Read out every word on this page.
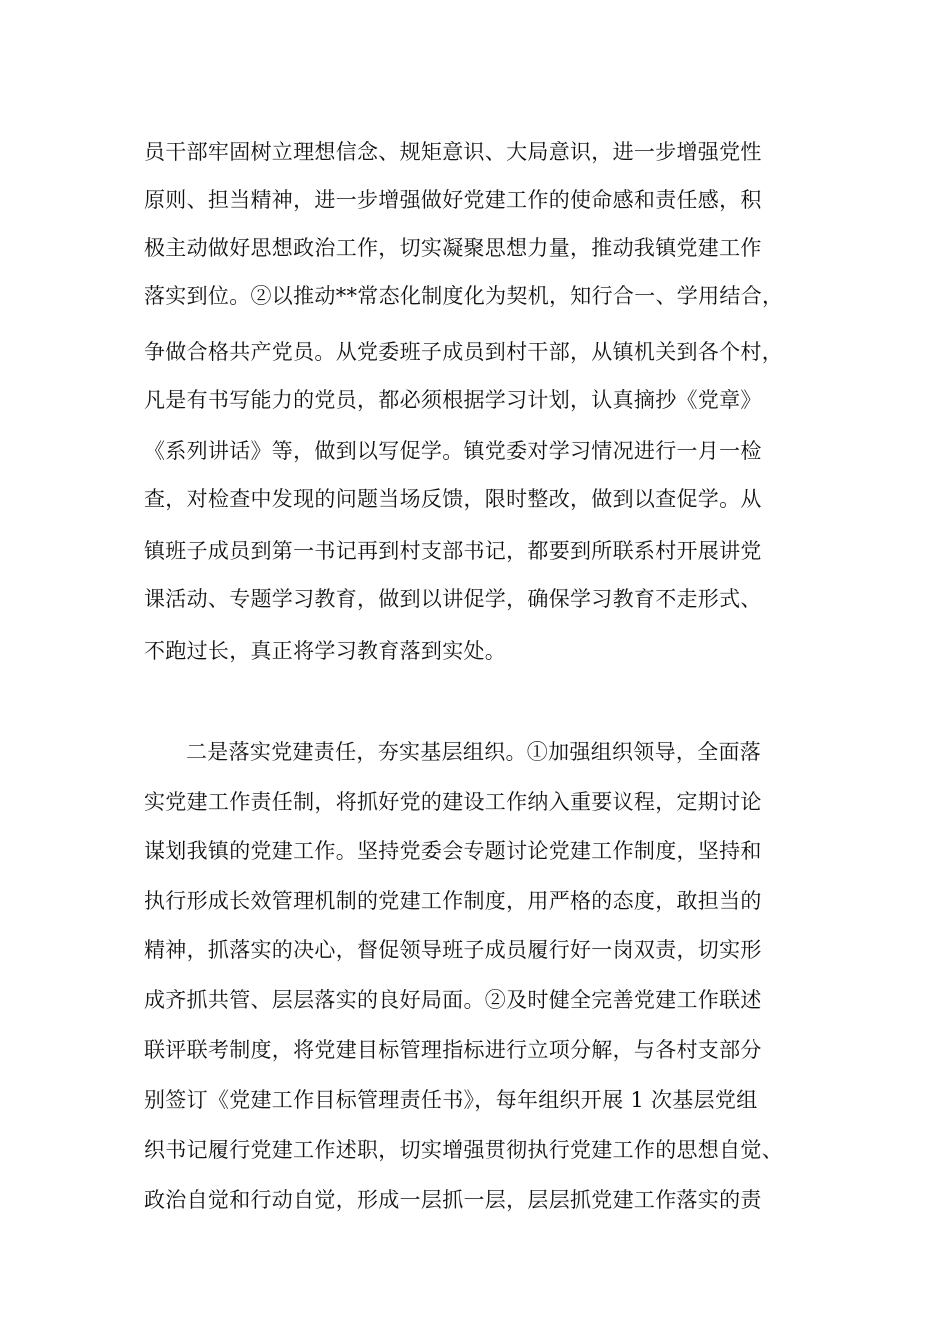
员干部牢固树立理想信念、规矩意识、大局意识，进一步增强党性
原则、担当精神，进一步增强做好党建工作的使命感和责任感，积
极主动做好思想政治工作，切实凝聚思想力量，推动我镇党建工作
落实到位。②以推动**常态化制度化为契机，知行合一、学用结合，
争做合格共产党员。从党委班子成员到村干部，从镇机关到各个村，
凡是有书写能力的党员，都必须根据学习计划，认真摘抄《党章》
《系列讲话》等，做到以写促学。镇党委对学习情况进行一月一检
查，对检查中发现的问题当场反馈，限时整改，做到以查促学。从
镇班子成员到第一书记再到村支部书记，都要到所联系村开展讲党
课活动、专题学习教育，做到以讲促学，确保学习教育不走形式、
不跑过长，真正将学习教育落到实处。
二是落实党建责任，夯实基层组织。①加强组织领导，全面落
实党建工作责任制，将抓好党的建设工作纳入重要议程，定期讨论
谋划我镇的党建工作。坚持党委会专题讨论党建工作制度，坚持和
执行形成长效管理机制的党建工作制度，用严格的态度，敢担当的
精神，抓落实的决心，督促领导班子成员履行好一岗双责，切实形
成齐抓共管、层层落实的良好局面。②及时健全完善党建工作联述
联评联考制度，将党建目标管理指标进行立项分解，与各村支部分
别签订《党建工作目标管理责任书》，每年组织开展 1 次基层党组
织书记履行党建工作述职，切实增强贯彻执行党建工作的思想自觉、
政治自觉和行动自觉，形成一层抓一层，层层抓党建工作落实的责
